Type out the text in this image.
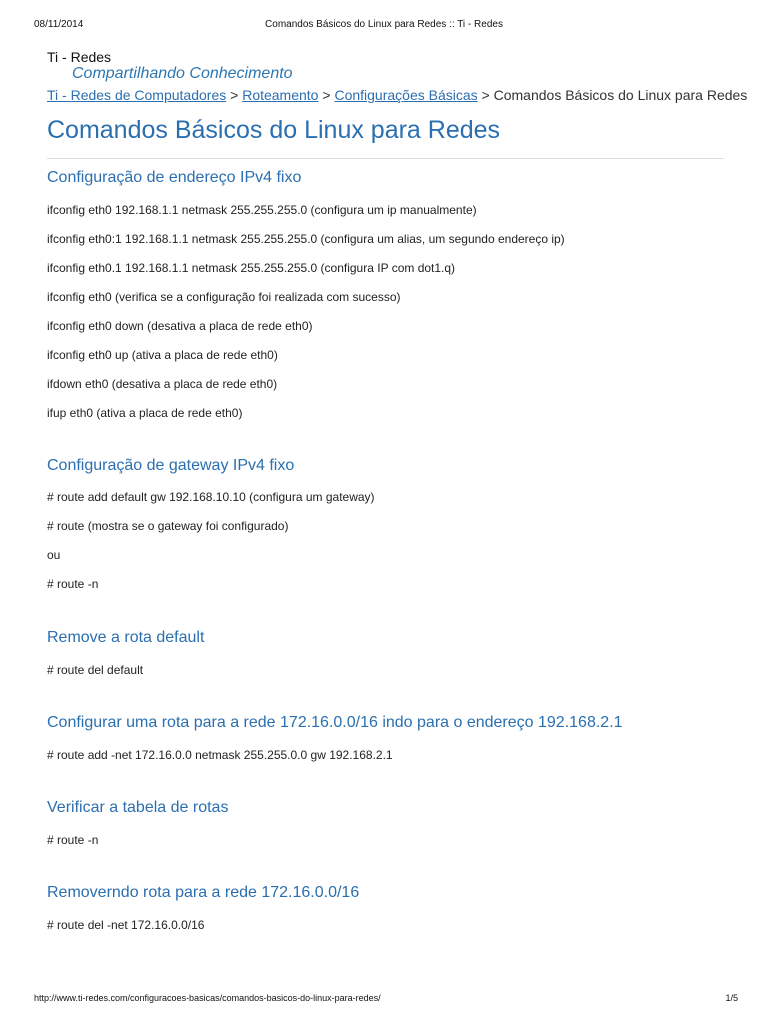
08/11/2014	Comandos Básicos do Linux para Redes :: Ti - Redes
Ti - Redes
Compartilhando Conhecimento
Ti - Redes de Computadores > Roteamento > Configurações Básicas > Comandos Básicos do Linux para Redes
Comandos Básicos do Linux para Redes
Configuração de endereço IPv4 fixo
ifconfig eth0 192.168.1.1 netmask 255.255.255.0 (configura um ip manualmente)
ifconfig eth0:1 192.168.1.1 netmask 255.255.255.0 (configura um alias, um segundo endereço ip)
ifconfig eth0.1 192.168.1.1 netmask 255.255.255.0 (configura IP com dot1.q)
ifconfig eth0 (verifica se a configuração foi realizada com sucesso)
ifconfig eth0 down (desativa a placa de rede eth0)
ifconfig eth0 up (ativa a placa de rede eth0)
ifdown eth0 (desativa a placa de rede eth0)
ifup eth0 (ativa a placa de rede eth0)
Configuração de gateway IPv4 fixo
# route add default gw 192.168.10.10 (configura um gateway)
# route (mostra se o gateway foi configurado)
ou
# route -n
Remove a rota default
# route del default
Configurar uma rota para a rede 172.16.0.0/16 indo para o endereço 192.168.2.1
# route add -net 172.16.0.0 netmask 255.255.0.0 gw 192.168.2.1
Verificar a tabela de rotas
# route -n
Removerndo rota para a rede 172.16.0.0/16
# route del -net 172.16.0.0/16
http://www.ti-redes.com/configuracoes-basicas/comandos-basicos-do-linux-para-redes/	1/5
